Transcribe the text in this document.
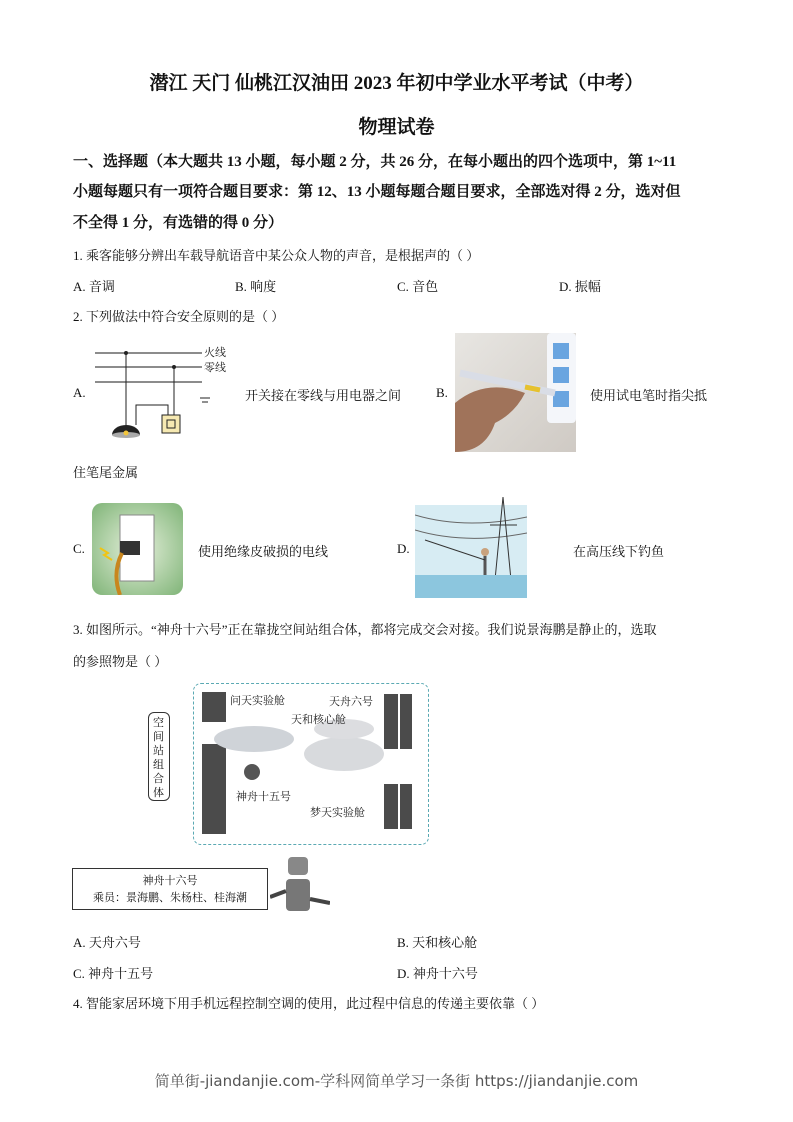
潜江 天门 仙桃江汉油田 2023 年初中学业水平考试（中考）
物理试卷
一、选择题（本大题共 13 小题，每小题 2 分，共 26 分，在每小题出的四个选项中，第 1~11
小题每题只有一项符合题目要求：第 12、13 小题每题合题目要求，全部选对得 2 分，选对但
不全得 1 分，有选错的得 0 分）
1. 乘客能够分辨出车载导航语音中某公众人物的声音，是根据声的（ ）
A. 音调	B. 响度	C. 音色	D. 振幅
2. 下列做法中符合安全原则的是（ ）
A.
火线
零线
开关接在零线与用电器之间	B.	使用试电笔时指尖抵
住笔尾金属
C.	使用绝缘皮破损的电线	D.	在高压线下钓鱼
3. 如图所示。“神舟十六号”正在靠拢空间站组合体，都将完成交会对接。我们说景海鹏是静止的，选取
的参照物是（ ）
问天实验舱	天舟六号
天和核心舱
神舟十五号
梦天实验舱
空间站组合体
神舟十六号
乘员：景海鹏、朱杨柱、桂海潮
A. 天舟六号	B. 天和核心舱
C. 神舟十五号	D. 神舟十六号
4. 智能家居环境下用手机远程控制空调的使用，此过程中信息的传递主要依靠（ ）
简单街-jiandanjie.com-学科网简单学习一条街 https://jiandanjie.com
